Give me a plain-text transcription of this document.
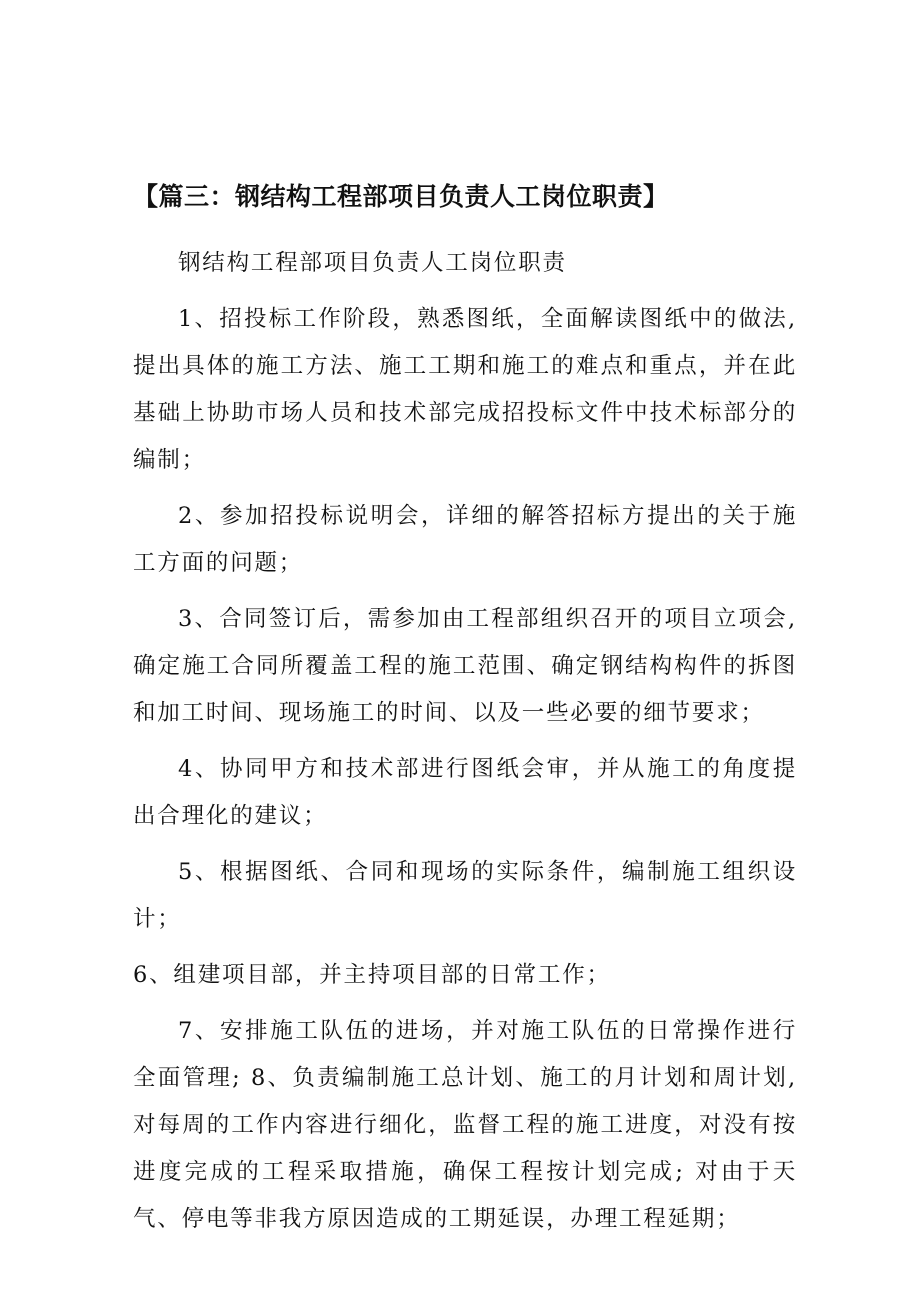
【篇三：钢结构工程部项目负责人工岗位职责】

钢结构工程部项目负责人工岗位职责

1、招投标工作阶段，熟悉图纸，全面解读图纸中的做法,提出具体的施工方法、施工工期和施工的难点和重点，并在此基础上协助市场人员和技术部完成招投标文件中技术标部分的编制；

2、参加招投标说明会，详细的解答招标方提出的关于施工方面的问题；

3、合同签订后，需参加由工程部组织召开的项目立项会,确定施工合同所覆盖工程的施工范围、确定钢结构构件的拆图和加工时间、现场施工的时间、以及一些必要的细节要求；

4、协同甲方和技术部进行图纸会审，并从施工的角度提出合理化的建议；

5、根据图纸、合同和现场的实际条件，编制施工组织设计；

6、组建项目部，并主持项目部的日常工作；

7、安排施工队伍的进场，并对施工队伍的日常操作进行全面管理; 8、负责编制施工总计划、施工的月计划和周计划,对每周的工作内容进行细化，监督工程的施工进度，对没有按进度完成的工程采取措施，确保工程按计划完成; 对由于天气、停电等非我方原因造成的工期延误，办理工程延期；
